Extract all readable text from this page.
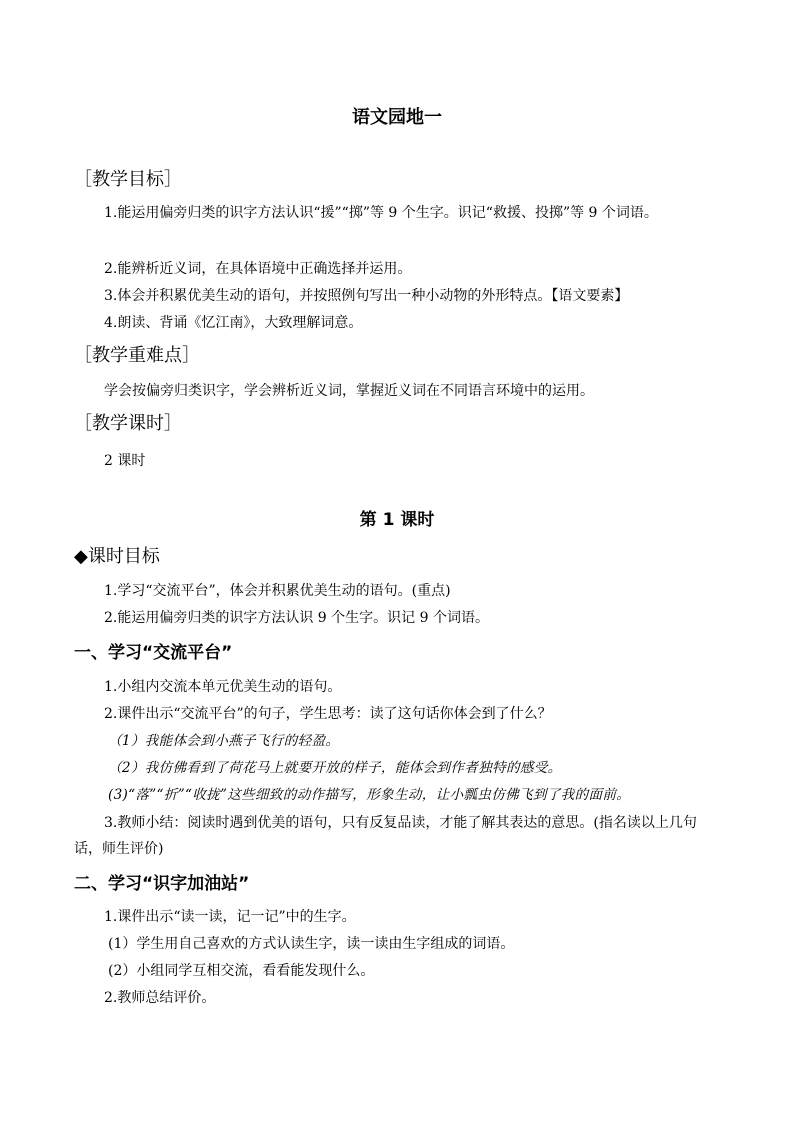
语文园地一
［教学目标］
1.能运用偏旁归类的识字方法认识“援”“掷”等 9 个生字。识记“救援、投掷”等 9 个词语。
2.能辨析近义词，在具体语境中正确选择并运用。
3.体会并积累优美生动的语句，并按照例句写出一种小动物的外形特点。【语文要素】
4.朗读、背诵《忆江南》，大致理解词意。
［教学重难点］
学会按偏旁归类识字，学会辨析近义词，掌握近义词在不同语言环境中的运用。
［教学课时］
2 课时
第 1 课时
◆课时目标
1.学习“交流平台”，体会并积累优美生动的语句。(重点)
2.能运用偏旁归类的识字方法认识 9 个生字。识记 9 个词语。
一、学习“交流平台”
1.小组内交流本单元优美生动的语句。
2.课件出示“交流平台”的句子，学生思考：读了这句话你体会到了什么？
（1）我能体会到小燕子飞行的轻盈。
（2）我仿佛看到了荷花马上就要开放的样子，能体会到作者独特的感受。
(3)“落”“折”“收拢”这些细致的动作描写，形象生动，让小瓢虫仿佛飞到了我的面前。
3.教师小结：阅读时遇到优美的语句，只有反复品读，才能了解其表达的意思。(指名读以上几句话，师生评价)
二、学习“识字加油站”
1.课件出示“读一读，记一记”中的生字。
(1）学生用自己喜欢的方式认读生字，读一读由生字组成的词语。
(2）小组同学互相交流，看看能发现什么。
2.教师总结评价。
